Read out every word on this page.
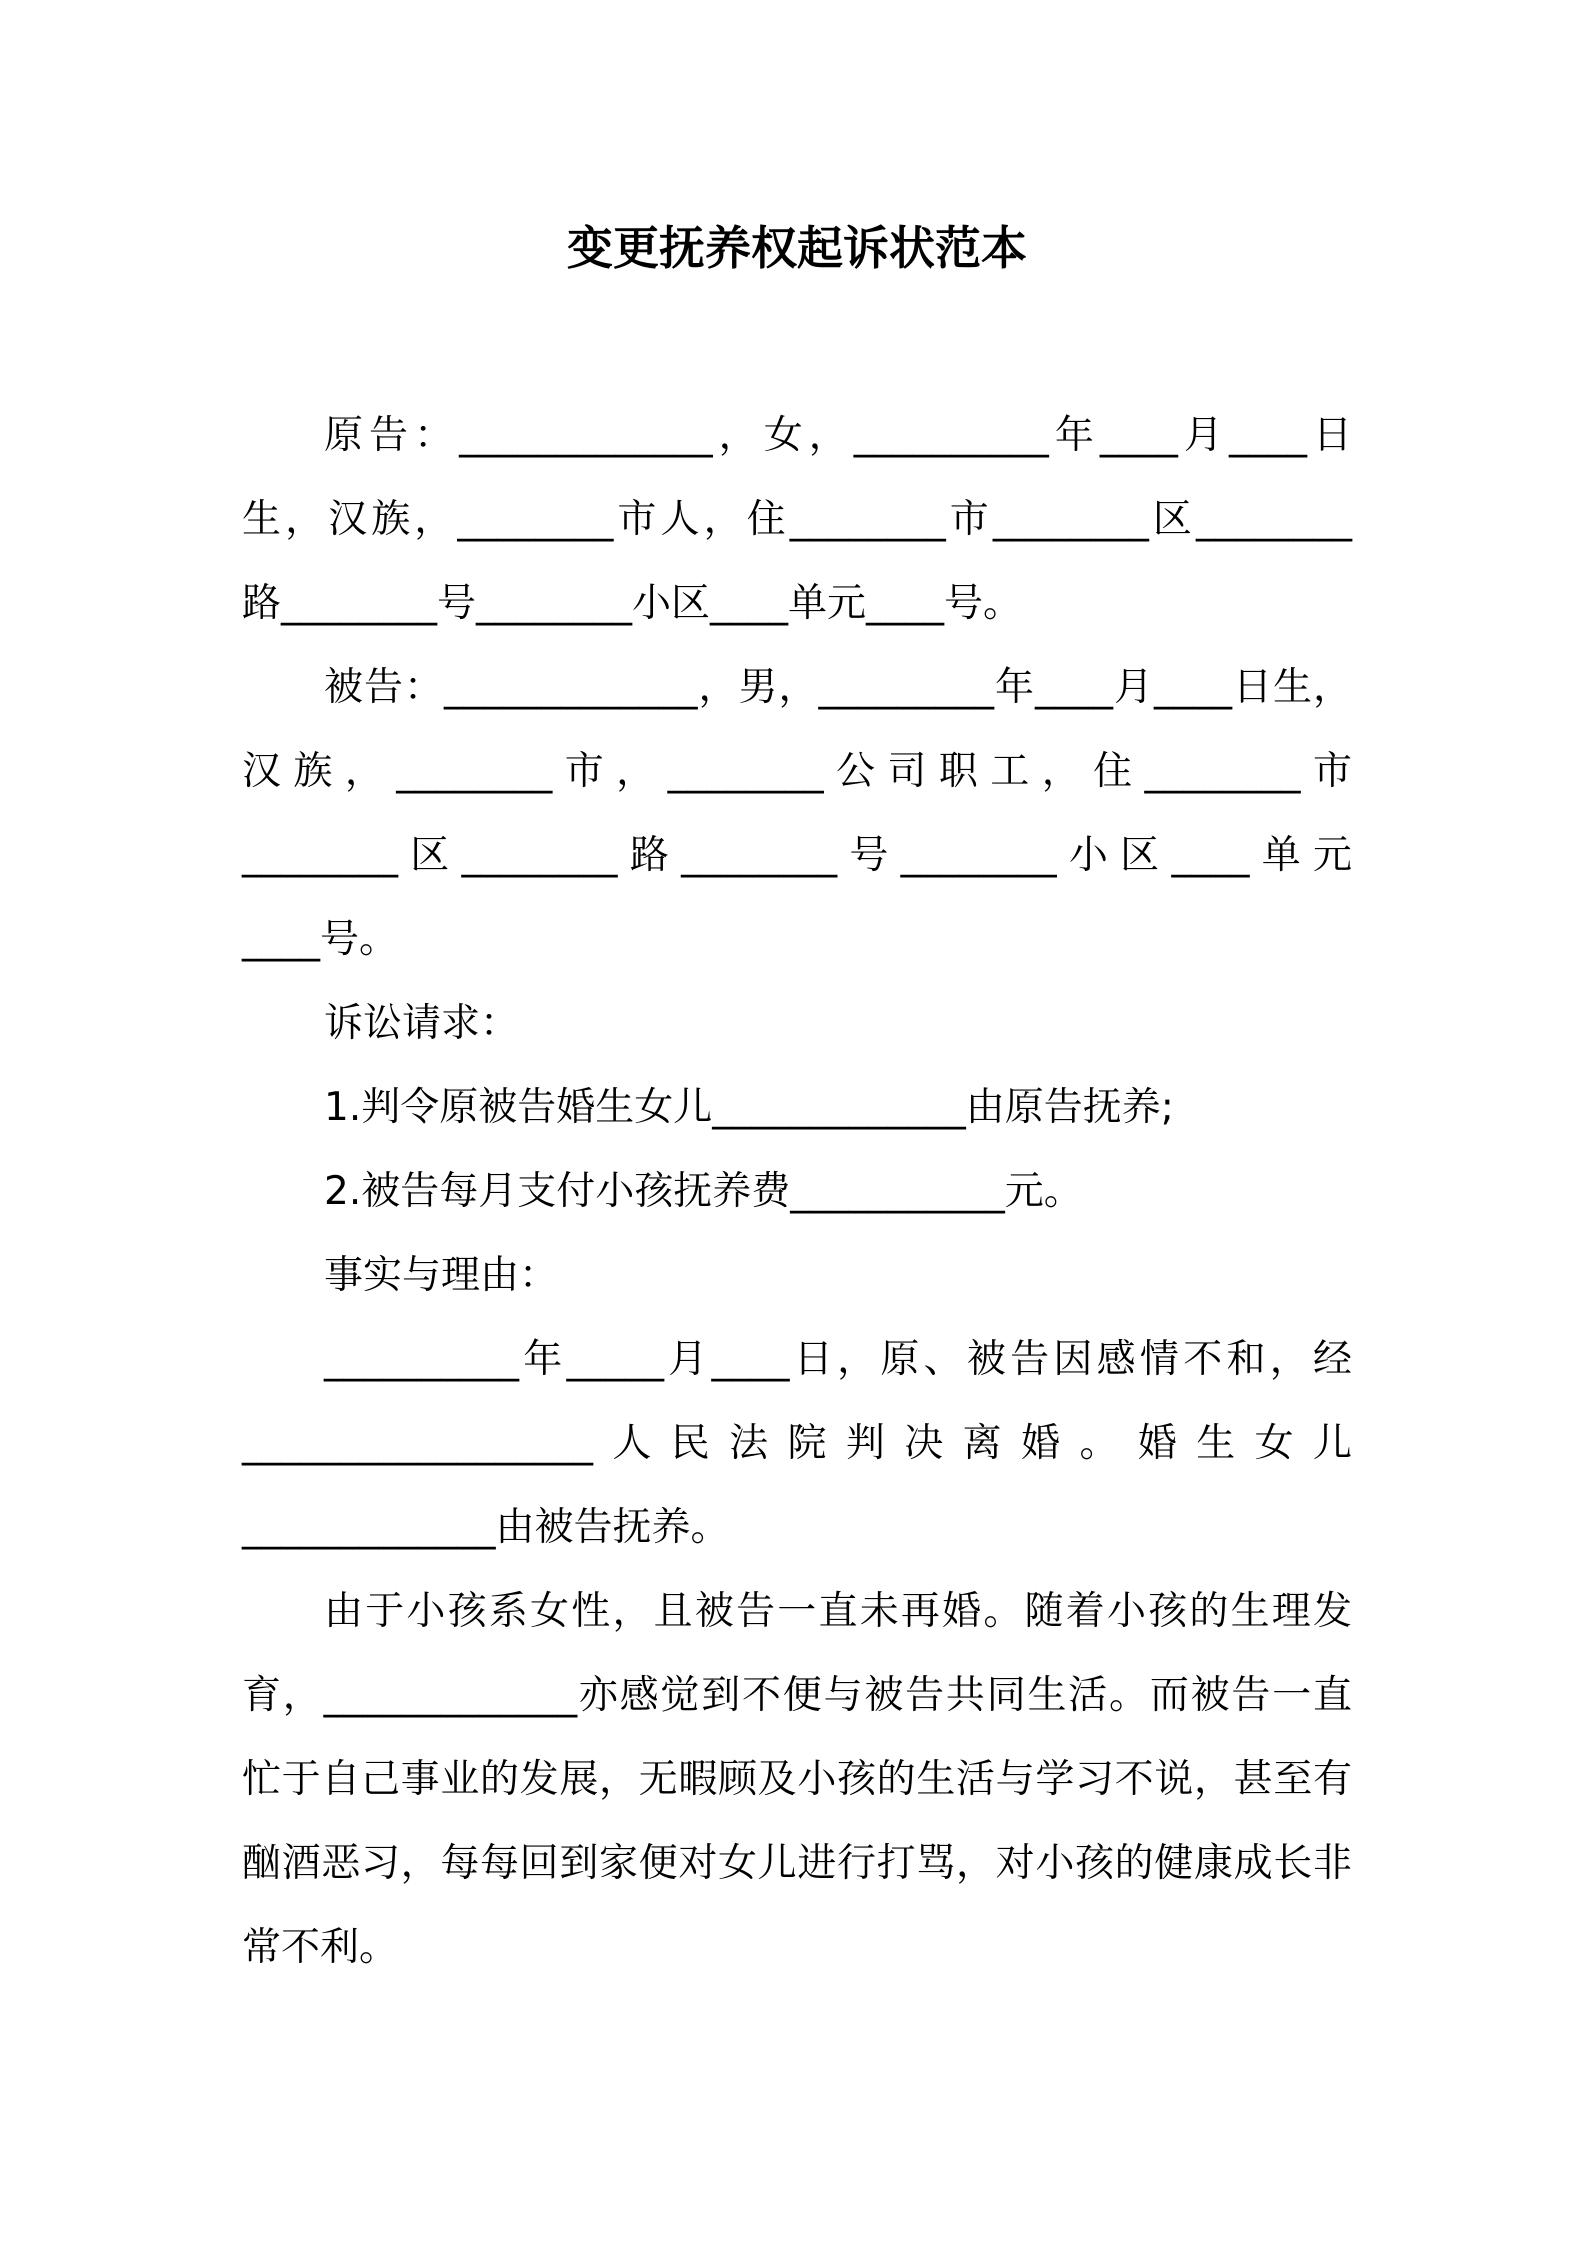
变更抚养权起诉状范本
原告：_____________，女，__________年____月____日
生，汉族，________市人，住________市________区________
路________号________小区____单元____号。
被告：_____________，男，_________年____月____日生，
汉族，________市，________公司职工，住________市
________区________路________号________小区____单元
____号。
诉讼请求：
1.判令原被告婚生女儿_____________由原告抚养;
2.被告每月支付小孩抚养费___________元。
事实与理由：
__________年_____月____日，原、被告因感情不和，经
__________________人民法院判决离婚。婚生女儿
_____________由被告抚养。
由于小孩系女性，且被告一直未再婚。随着小孩的生理发
育，_____________亦感觉到不便与被告共同生活。而被告一直
忙于自己事业的发展，无暇顾及小孩的生活与学习不说，甚至有
酗酒恶习，每每回到家便对女儿进行打骂，对小孩的健康成长非
常不利。
